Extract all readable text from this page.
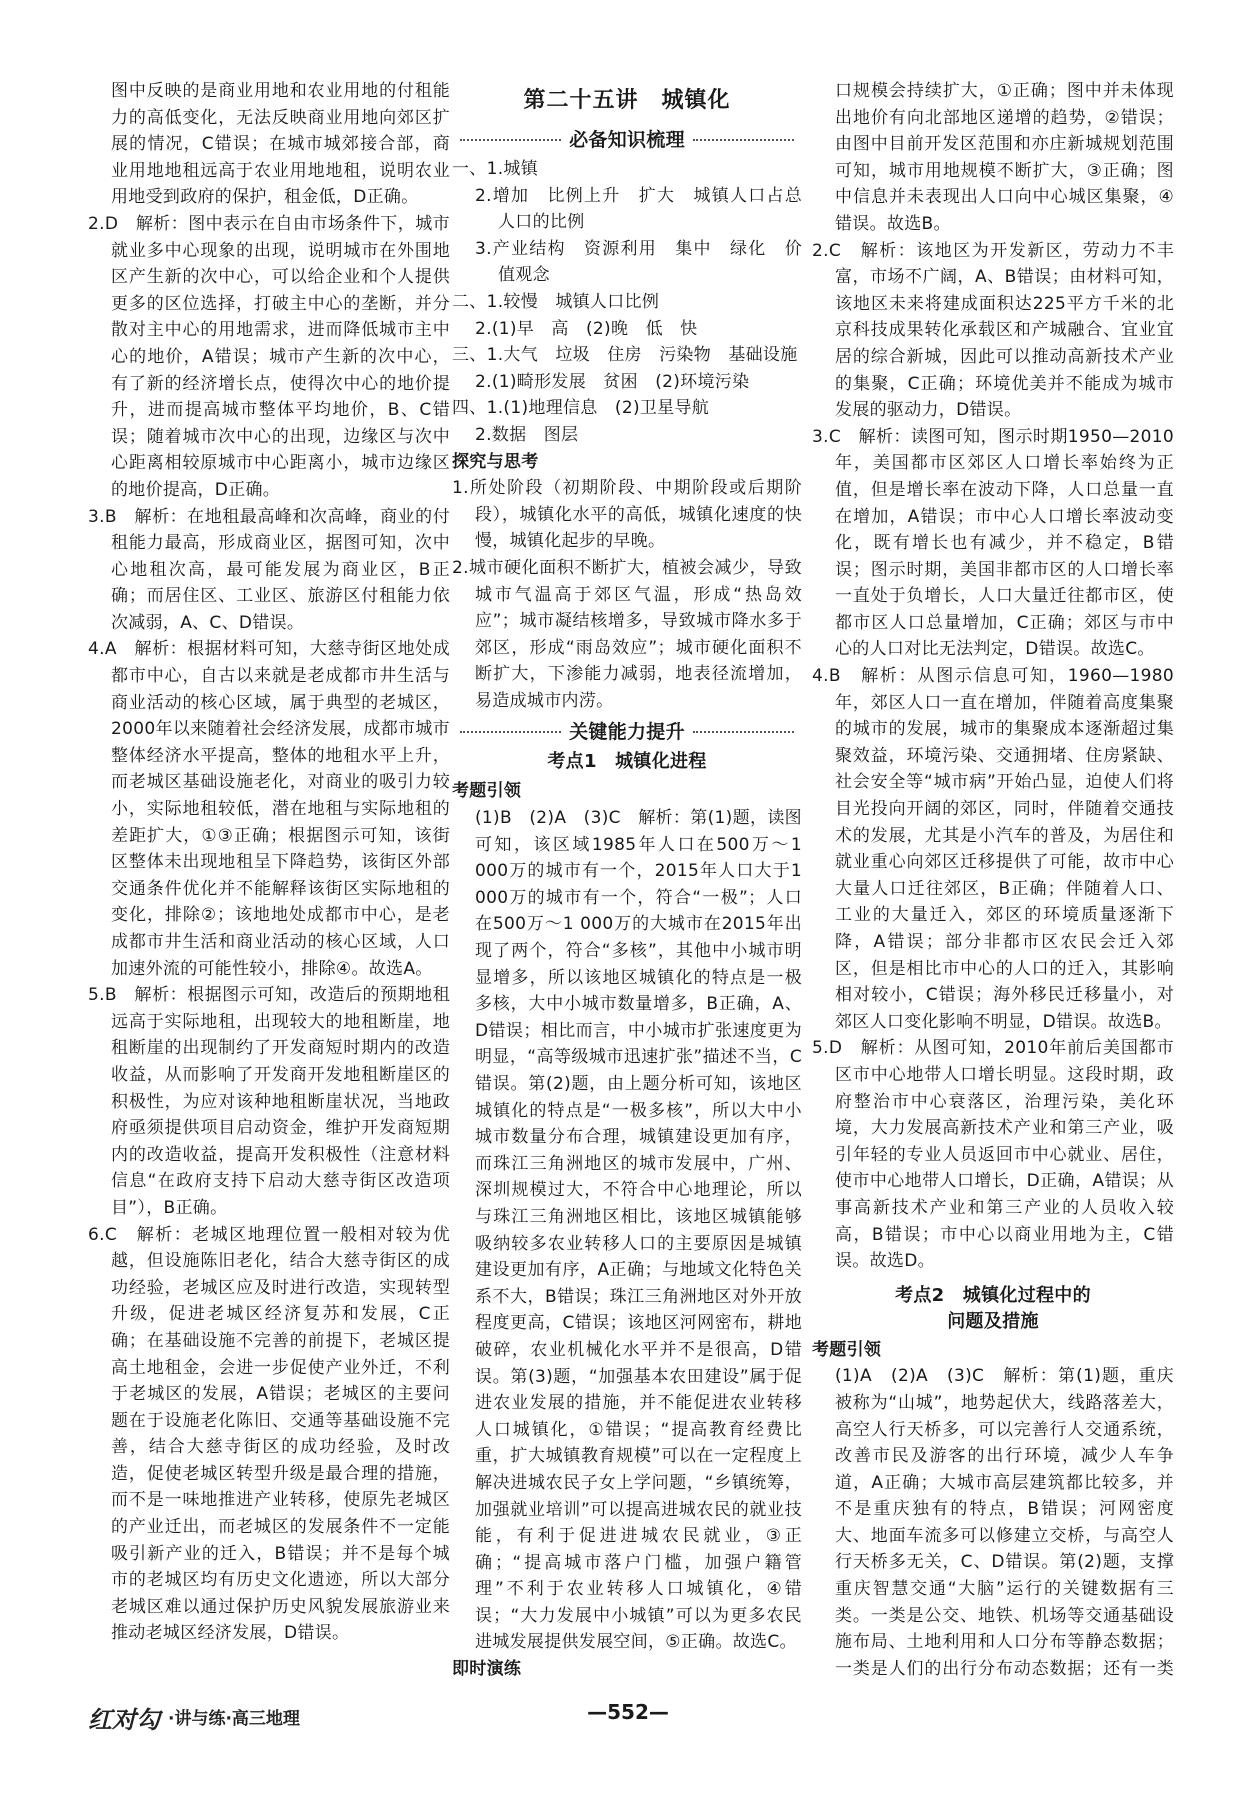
图中反映的是商业用地和农业用地的付租能力的高低变化，无法反映商业用地向郊区扩展的情况，C错误；在城市城郊接合部，商业用地地租远高于农业用地地租，说明农业用地受到政府的保护，租金低，D正确。

2.D　解析：图中表示在自由市场条件下，城市就业多中心现象的出现，说明城市在外围地区产生新的次中心，可以给企业和个人提供更多的区位选择，打破主中心的垄断，并分散对主中心的用地需求，进而降低城市主中心的地价，A错误；城市产生新的次中心，有了新的经济增长点，使得次中心的地价提升，进而提高城市整体平均地价，B、C错误；随着城市次中心的出现，边缘区与次中心距离相较原城市中心距离小，城市边缘区的地价提高，D正确。

3.B　解析：在地租最高峰和次高峰，商业的付租能力最高，形成商业区，据图可知，次中心地租次高，最可能发展为商业区，B正确；而居住区、工业区、旅游区付租能力依次减弱，A、C、D错误。

4.A　解析：根据材料可知，大慈寺街区地处成都市中心，自古以来就是老成都市井生活与商业活动的核心区域，属于典型的老城区，2000年以来随着社会经济发展，成都市城市整体经济水平提高，整体的地租水平上升，而老城区基础设施老化，对商业的吸引力较小，实际地租较低，潜在地租与实际地租的差距扩大，①③正确；根据图示可知，该街区整体未出现地租呈下降趋势，该街区外部交通条件优化并不能解释该街区实际地租的变化，排除②；该地地处成都市中心，是老成都市井生活和商业活动的核心区域，人口加速外流的可能性较小，排除④。故选A。

5.B　解析：根据图示可知，改造后的预期地租远高于实际地租，出现较大的地租断崖，地租断崖的出现制约了开发商短时期内的改造收益，从而影响了开发商开发地租断崖区的积极性，为应对该种地租断崖状况，当地政府亟须提供项目启动资金，维护开发商短期内的改造收益，提高开发积极性（注意材料信息“在政府支持下启动大慈寺街区改造项目”），B正确。

6.C　解析：老城区地理位置一般相对较为优越，但设施陈旧老化，结合大慈寺街区的成功经验，老城区应及时进行改造，实现转型升级，促进老城区经济复苏和发展，C正确；在基础设施不完善的前提下，老城区提高土地租金，会进一步促使产业外迁，不利于老城区的发展，A错误；老城区的主要问题在于设施老化陈旧、交通等基础设施不完善，结合大慈寺街区的成功经验，及时改造，促使老城区转型升级是最合理的措施，而不是一味地推进产业转移，使原先老城区的产业迁出，而老城区的发展条件不一定能吸引新产业的迁入，B错误；并不是每个城市的老城区均有历史文化遗迹，所以大部分老城区难以通过保护历史风貌发展旅游业来推动老城区经济发展，D错误。

第二十五讲　城镇化
必备知识梳理

一、1.城镇

2.增加　比例上升　扩大　城镇人口占总人口的比例

3.产业结构　资源利用　集中　绿化　价值观念

二、1.较慢　城镇人口比例

2.(1)早　高　(2)晚　低　快

三、1.大气　垃圾　住房　污染物　基础设施

2.(1)畸形发展　贫困　(2)环境污染

四、1.(1)地理信息　(2)卫星导航

2.数据　图层

探究与思考

1.所处阶段（初期阶段、中期阶段或后期阶段），城镇化水平的高低，城镇化速度的快慢，城镇化起步的早晚。

2.城市硬化面积不断扩大，植被会减少，导致城市气温高于郊区气温，形成“热岛效应”；城市凝结核增多，导致城市降水多于郊区，形成“雨岛效应”；城市硬化面积不断扩大，下渗能力减弱，地表径流增加，易造成城市内涝。

关键能力提升
考点1　城镇化进程

考题引领

(1)B　(2)A　(3)C　解析：第(1)题，读图可知，该区域1985年人口在500万～1 000万的城市有一个，2015年人口大于1 000万的城市有一个，符合“一极”；人口在500万～1 000万的大城市在2015年出现了两个，符合“多核”，其他中小城市明显增多，所以该地区城镇化的特点是一极多核，大中小城市数量增多，B正确，A、D错误；相比而言，中小城市扩张速度更为明显，“高等级城市迅速扩张”描述不当，C错误。第(2)题，由上题分析可知，该地区城镇化的特点是“一极多核”，所以大中小城市数量分布合理，城镇建设更加有序，而珠江三角洲地区的城市发展中，广州、深圳规模过大，不符合中心地理论，所以与珠江三角洲地区相比，该地区城镇能够吸纳较多农业转移人口的主要原因是城镇建设更加有序，A正确；与地域文化特色关系不大，B错误；珠江三角洲地区对外开放程度更高，C错误；该地区河网密布，耕地破碎，农业机械化水平并不是很高，D错误。第(3)题，“加强基本农田建设”属于促进农业发展的措施，并不能促进农业转移人口城镇化，①错误；“提高教育经费比重，扩大城镇教育规模”可以在一定程度上解决进城农民子女上学问题，“乡镇统筹，加强就业培训”可以提高进城农民的就业技能，有利于促进进城农民就业，③正确；“提高城市落户门槛，加强户籍管理”不利于农业转移人口城镇化，④错误；“大力发展中小城镇”可以为更多农民进城发展提供发展空间，⑤正确。故选C。

即时演练

口规模会持续扩大，①正确；图中并未体现出地价有向北部地区递增的趋势，②错误；由图中目前开发区范围和亦庄新城规划范围可知，城市用地规模不断扩大，③正确；图中信息并未表现出人口向中心城区集聚，④错误。故选B。

2.C　解析：该地区为开发新区，劳动力不丰富，市场不广阔，A、B错误；由材料可知，该地区未来将建成面积达225平方千米的北京科技成果转化承载区和产城融合、宜业宜居的综合新城，因此可以推动高新技术产业的集聚，C正确；环境优美并不能成为城市发展的驱动力，D错误。

3.C　解析：读图可知，图示时期1950—2010年，美国都市区郊区人口增长率始终为正值，但是增长率在波动下降，人口总量一直在增加，A错误；市中心人口增长率波动变化，既有增长也有减少，并不稳定，B错误；图示时期，美国非都市区的人口增长率一直处于负增长，人口大量迁往都市区，使都市区人口总量增加，C正确；郊区与市中心的人口对比无法判定，D错误。故选C。

4.B　解析：从图示信息可知，1960—1980年，郊区人口一直在增加，伴随着高度集聚的城市的发展，城市的集聚成本逐渐超过集聚效益，环境污染、交通拥堵、住房紧缺、社会安全等“城市病”开始凸显，迫使人们将目光投向开阔的郊区，同时，伴随着交通技术的发展，尤其是小汽车的普及，为居住和就业重心向郊区迁移提供了可能，故市中心大量人口迁往郊区，B正确；伴随着人口、工业的大量迁入，郊区的环境质量逐渐下降，A错误；部分非都市区农民会迁入郊区，但是相比市中心的人口的迁入，其影响相对较小，C错误；海外移民迁移量小，对郊区人口变化影响不明显，D错误。故选B。

5.D　解析：从图可知，2010年前后美国都市区市中心地带人口增长明显。这段时期，政府整治市中心衰落区，治理污染，美化环境，大力发展高新技术产业和第三产业，吸引年轻的专业人员返回市中心就业、居住，使市中心地带人口增长，D正确，A错误；从事高新技术产业和第三产业的人员收入较高，B错误；市中心以商业用地为主，C错误。故选D。

考点2　城镇化过程中的
问题及措施

考题引领

(1)A　(2)A　(3)C　解析：第(1)题，重庆被称为“山城”，地势起伏大，线路落差大，高空人行天桥多，可以完善行人交通系统，改善市民及游客的出行环境，减少人车争道，A正确；大城市高层建筑都比较多，并不是重庆独有的特点，B错误；河网密度大、地面车流多可以修建立交桥，与高空人行天桥多无关，C、D错误。第(2)题，支撑重庆智慧交通“大脑”运行的关键数据有三类。一类是公交、地铁、机场等交通基础设施布局、土地利用和人口分布等静态数据；一类是人们的出行分布动态数据；还有一类

红对勾 ·讲与练·高三地理	—552—
